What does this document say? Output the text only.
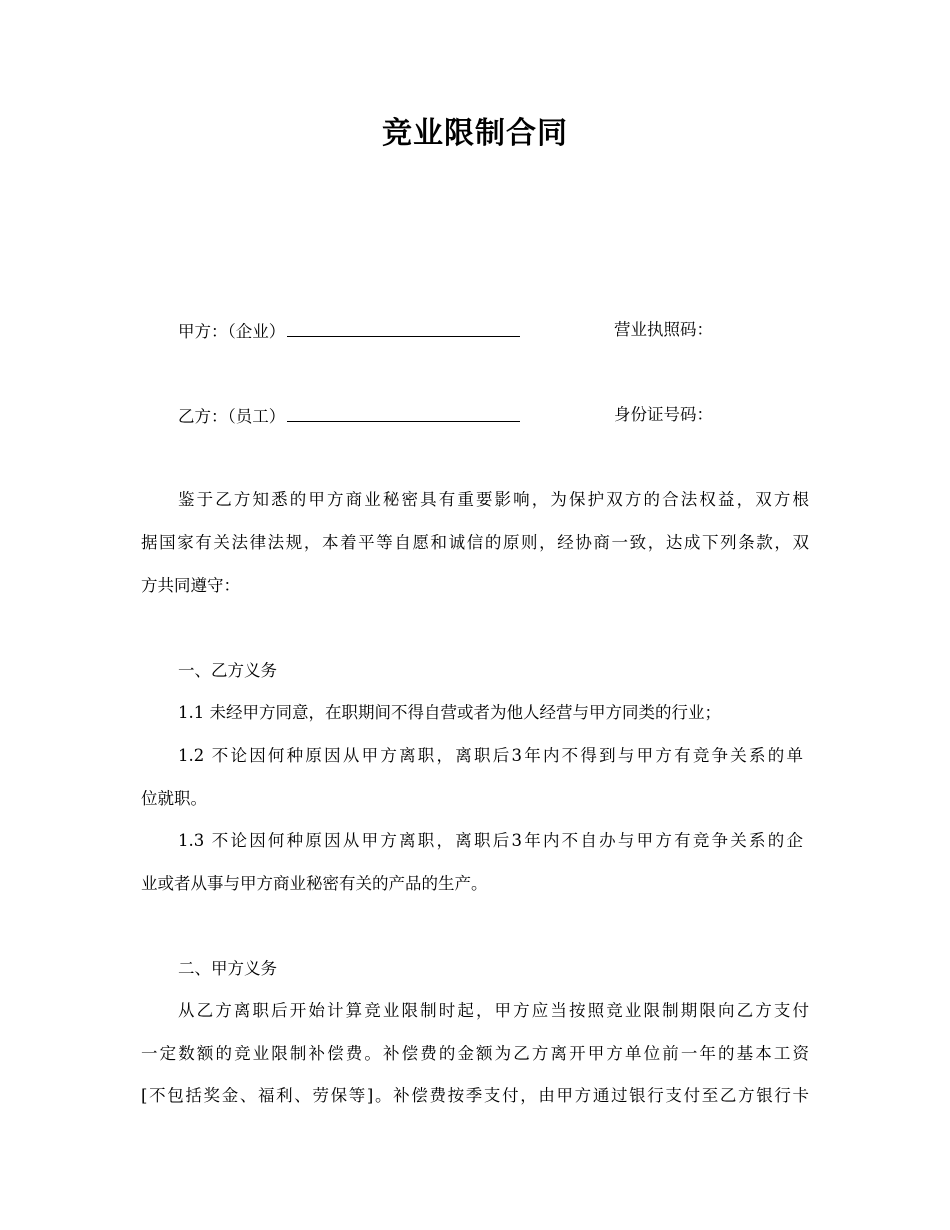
竞业限制合同
甲方：（企业）	营业执照码：
乙方：（员工）	身份证号码：
鉴于乙方知悉的甲方商业秘密具有重要影响，为保护双方的合法权益，双方根
据国家有关法律法规，本着平等自愿和诚信的原则，经协商一致，达成下列条款，双
方共同遵守：
一、乙方义务
1.1 未经甲方同意，在职期间不得自营或者为他人经营与甲方同类的行业；
1.2 不论因何种原因从甲方离职，离职后3年内不得到与甲方有竞争关系的单
位就职。
1.3 不论因何种原因从甲方离职，离职后3年内不自办与甲方有竞争关系的企
业或者从事与甲方商业秘密有关的产品的生产。
二、甲方义务
从乙方离职后开始计算竞业限制时起，甲方应当按照竞业限制期限向乙方支付
一定数额的竞业限制补偿费。补偿费的金额为乙方离开甲方单位前一年的基本工资
[不包括奖金、福利、劳保等]。补偿费按季支付，由甲方通过银行支付至乙方银行卡
